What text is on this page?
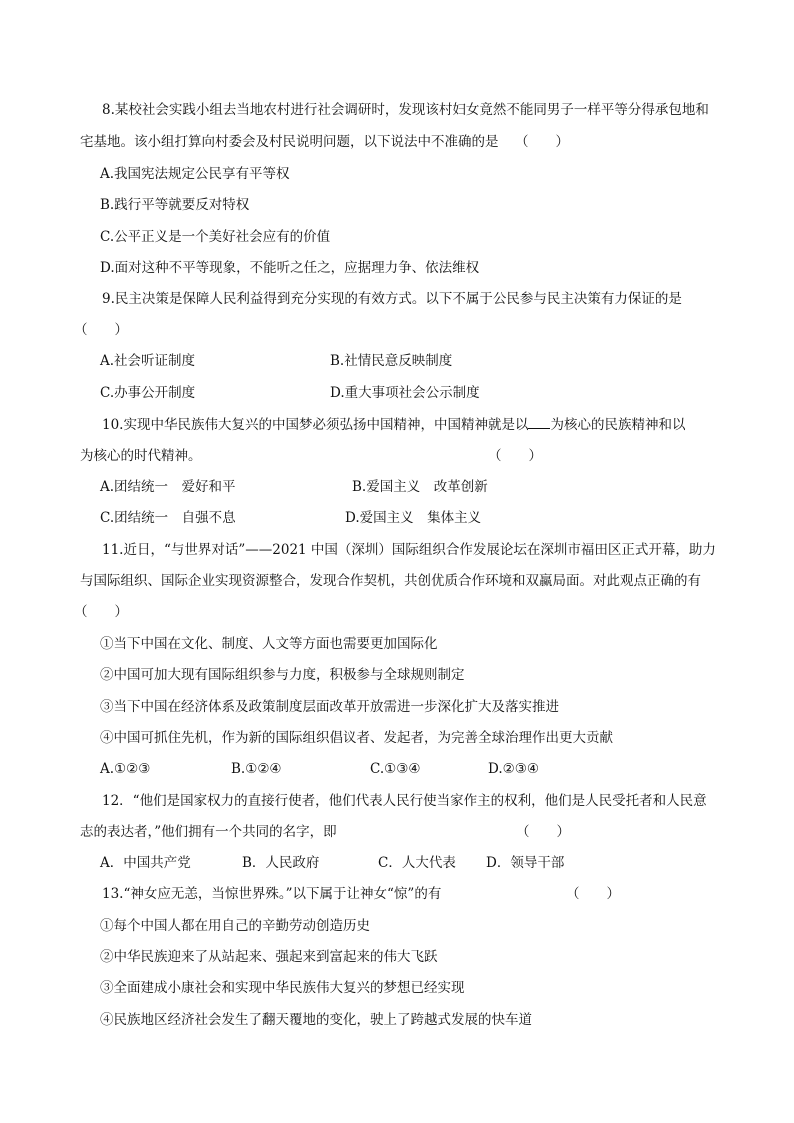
8.某校社会实践小组去当地农村进行社会调研时，发现该村妇女竟然不能同男子一样平等分得承包地和
宅基地。该小组打算向村委会及村民说明问题，以下说法中不准确的是 （　　）
A.我国宪法规定公民享有平等权
B.践行平等就要反对特权
C.公平正义是一个美好社会应有的价值
D.面对这种不平等现象，不能听之任之，应据理力争、依法维权
9.民主决策是保障人民利益得到充分实现的有效方式。以下不属于公民参与民主决策有力保证的是
（　　）
A.社会听证制度	B.社情民意反映制度
C.办事公开制度	D.重大事项社会公示制度
10.实现中华民族伟大复兴的中国梦必须弘扬中国精神，中国精神就是以 为核心的民族精神和以
为核心的时代精神。	（　　）
A.团结统一　爱好和平	B.爱国主义　改革创新
C.团结统一　自强不息	D.爱国主义　集体主义
11.近日，“与世界对话”——2021 中国（深圳）国际组织合作发展论坛在深圳市福田区正式开幕，助力
与国际组织、国际企业实现资源整合，发现合作契机，共创优质合作环境和双赢局面。对此观点正确的有
（　　）
①当下中国在文化、制度、人文等方面也需要更加国际化
②中国可加大现有国际组织参与力度，积极参与全球规则制定
③当下中国在经济体系及政策制度层面改革开放需进一步深化扩大及落实推进
④中国可抓住先机，作为新的国际组织倡议者、发起者，为完善全球治理作出更大贡献
A.①②③	B.①②④	C.①③④	D.②③④
12．“他们是国家权力的直接行使者，他们代表人民行使当家作主的权利，他们是人民受托者和人民意
志的表达者，”他们拥有一个共同的名字，即	（　　）
A．中国共产党	B．人民政府	C．人大代表 D．领导干部
13.“神女应无恙，当惊世界殊。”以下属于让神女“惊”的有	（　　）
①每个中国人都在用自己的辛勤劳动创造历史
②中华民族迎来了从站起来、强起来到富起来的伟大飞跃
③全面建成小康社会和实现中华民族伟大复兴的梦想已经实现
④民族地区经济社会发生了翻天覆地的变化，驶上了跨越式发展的快车道
